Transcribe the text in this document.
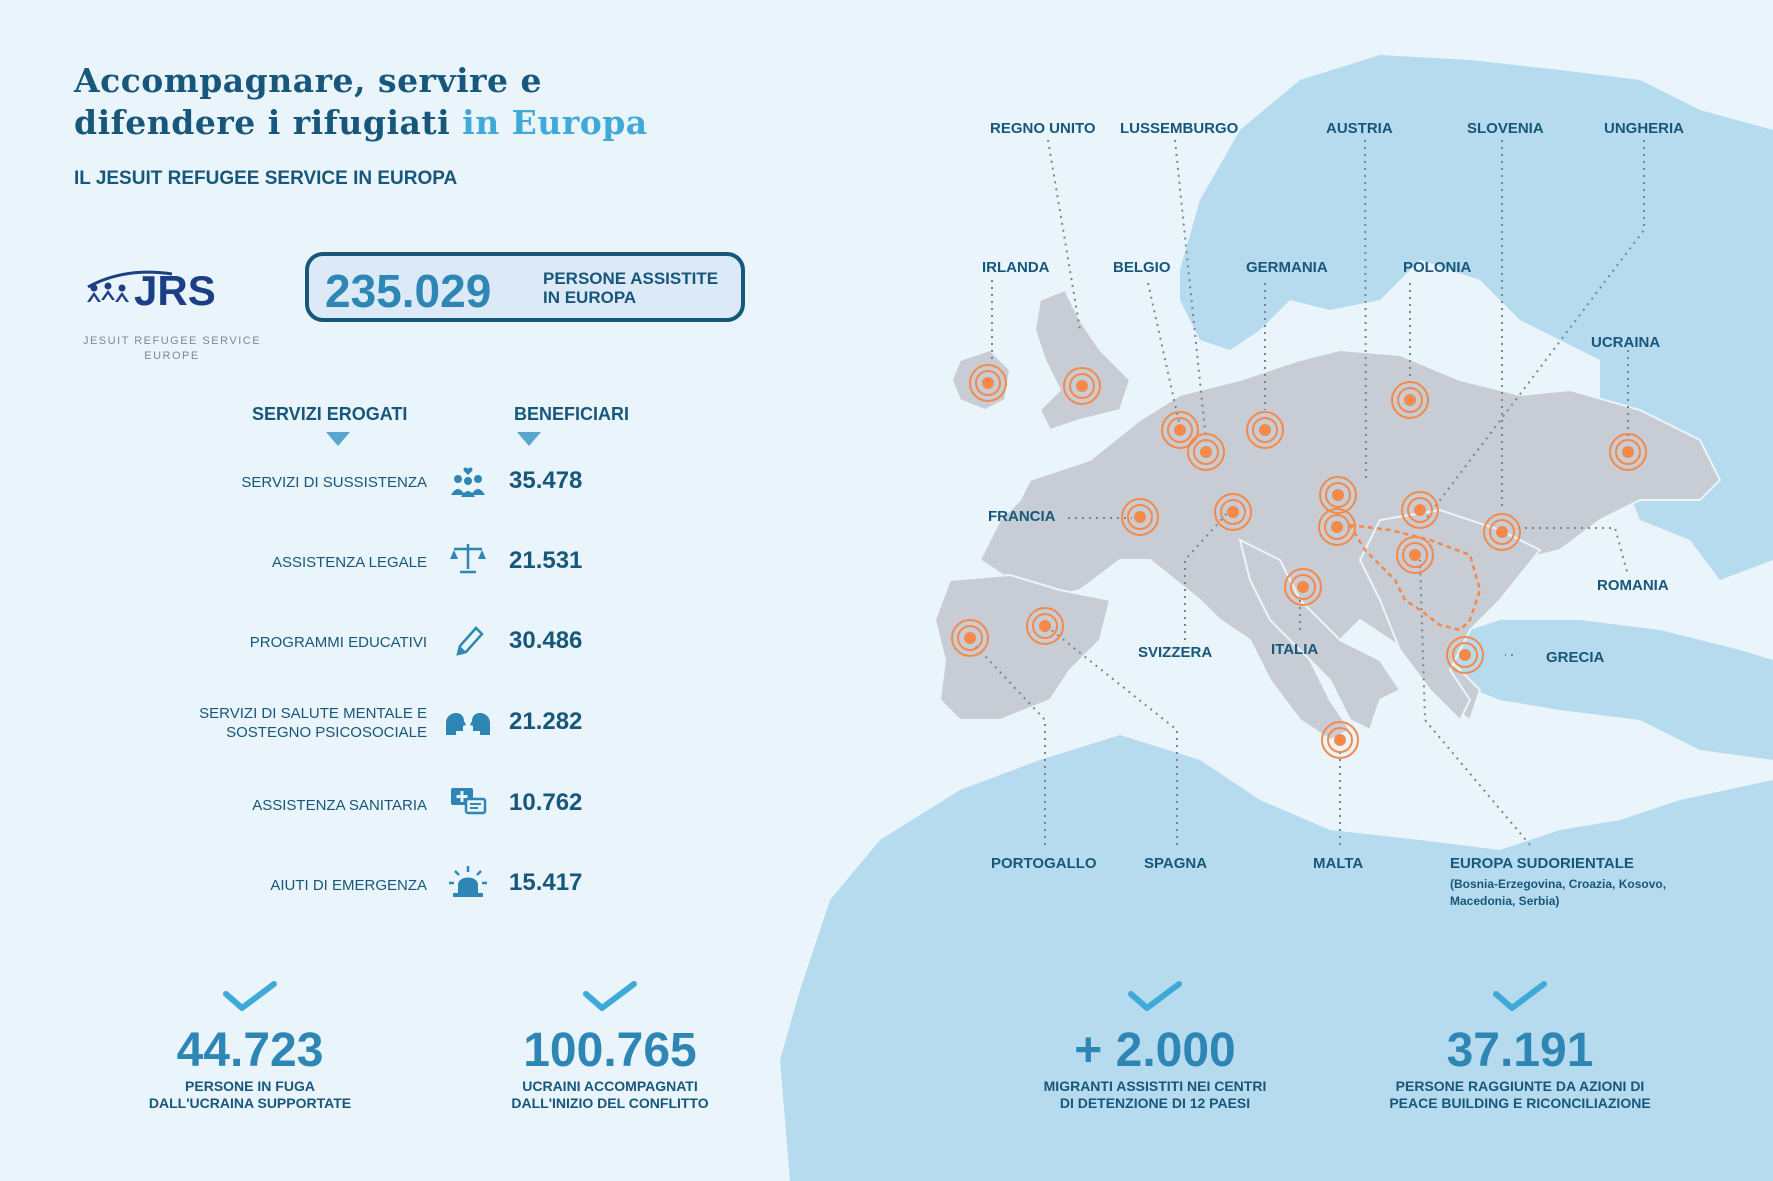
Accompagnare, servire e
difendere i rifugiati in Europa
IL JESUIT REFUGEE SERVICE IN EUROPA
JRS
JESUIT REFUGEE SERVICE
EUROPE
235.029	PERSONE ASSISTITE
IN EUROPA
SERVIZI EROGATI	BENEFICIARI
SERVIZI DI SUSSISTENZA	35.478
ASSISTENZA LEGALE	21.531
PROGRAMMI EDUCATIVI	30.486
SERVIZI DI SALUTE MENTALE E
SOSTEGNO PSICOSOCIALE	21.282
ASSISTENZA SANITARIA	10.762
AIUTI DI EMERGENZA	15.417
REGNO UNITO LUSSEMBURGO	AUSTRIA	SLOVENIA	UNGHERIA
IRLANDA	BELGIO	GERMANIA	POLONIA
UCRAINA
FRANCIA
ROMANIA
SVIZZERA	ITALIA	GRECIA
PORTOGALLO	SPAGNA	MALTA	EUROPA SUDORIENTALE
(Bosnia-Erzegovina, Croazia, Kosovo,
Macedonia, Serbia)
44.723
PERSONE IN FUGA
DALL'UCRAINA SUPPORTATE
100.765
UCRAINI ACCOMPAGNATI
DALL'INIZIO DEL CONFLITTO
+ 2.000
MIGRANTI ASSISTITI NEI CENTRI
DI DETENZIONE DI 12 PAESI
37.191
PERSONE RAGGIUNTE DA AZIONI DI
PEACE BUILDING E RICONCILIAZIONE
